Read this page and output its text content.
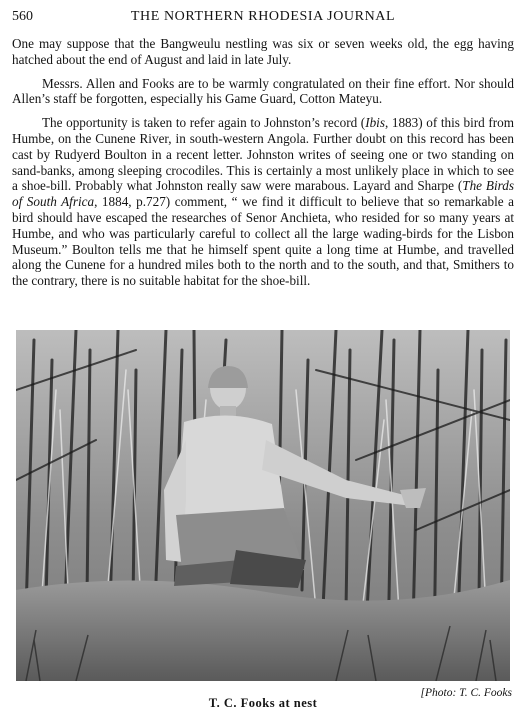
560	THE NORTHERN RHODESIA JOURNAL

One may suppose that the Bangweulu nestling was six or seven weeks old, the egg having hatched about the end of August and laid in late July.

Messrs. Allen and Fooks are to be warmly congratulated on their fine effort. Nor should Allen’s staff be forgotten, especially his Game Guard, Cotton Mateyu.

The opportunity is taken to refer again to Johnston’s record (Ibis, 1883) of this bird from Humbe, on the Cunene River, in south-western Angola. Further doubt on this record has been cast by Rudyerd Boulton in a recent letter. Johnston writes of seeing one or two standing on sand-banks, among sleeping crocodiles. This is certainly a most unlikely place in which to see a shoe-bill. Probably what Johnston really saw were marabous. Layard and Sharpe (The Birds of South Africa, 1884, p.727) comment, “ we find it difficult to believe that so remarkable a bird should have escaped the researches of Senor Anchieta, who resided for so many years at Humbe, and who was particularly careful to collect all the large wading-birds for the Lisbon Museum.” Boulton tells me that he himself spent quite a long time at Humbe, and travelled along the Cunene for a hundred miles both to the north and to the south, and that, Smithers to the contrary, there is no suitable habitat for the shoe-bill.

[Photo: T. C. Fooks
T. C. Fooks at nest
